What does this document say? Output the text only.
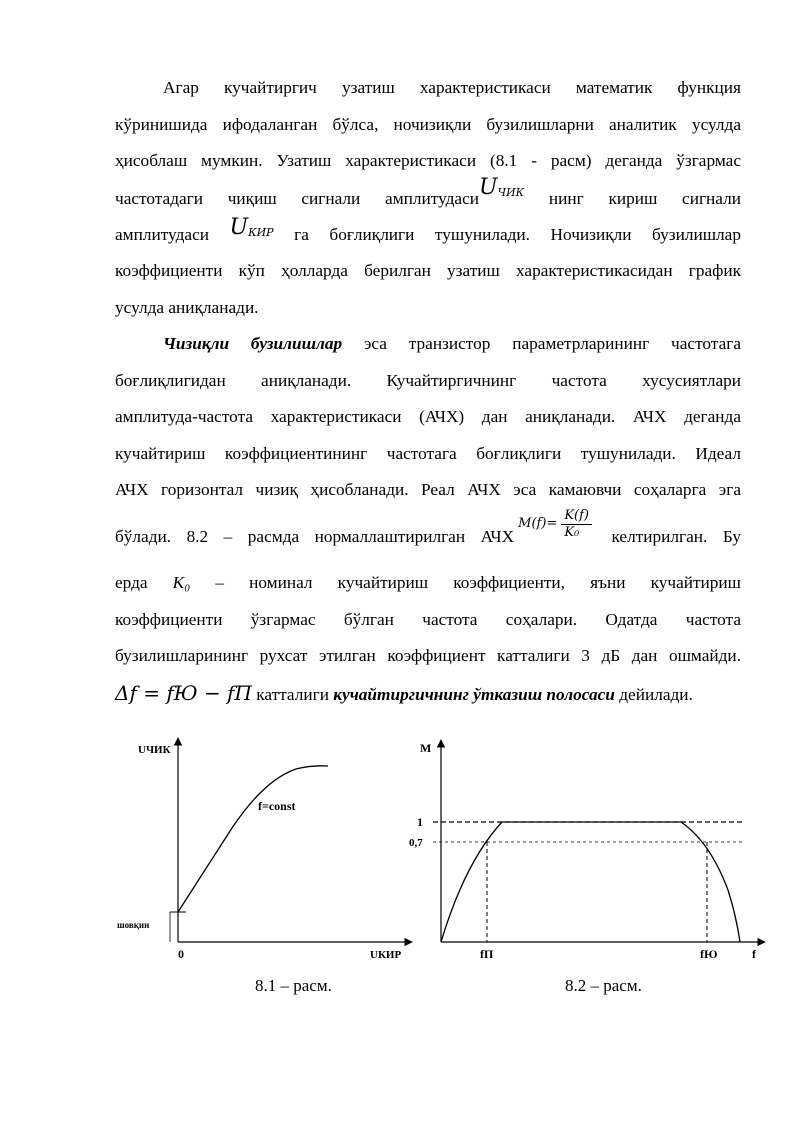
Агар кучайтиргич узатиш характеристикаси математик функция
кўринишида ифодаланган бўлса, ночизиқли бузилишларни аналитик усулда
ҳисоблаш мумкин. Узатиш характеристикаси (8.1 - расм) деганда ўзгармас
частотадаги чиқиш сигнали амплитудасиU$^{ЧИК}$ нинг кириш сигнали
амплитудаси $U^{КИР}$ га боғлиқлиги тушунилади. Ночизиқли бузилишлар
коэффициенти кўп ҳолларда берилган узатиш характеристикасидан график
усулда аниқланади.
Чизиқли бузилишлар эса транзистор параметрларининг частотага
боғлиқлигидан аниқланади. Кучайтиргичнинг частота хусусиятлари
амплитуда-частота характеристикаси (АЧХ) дан аниқланади. АЧХ деганда
кучайтириш коэффициентининг частотага боғлиқлиги тушунилади. Идеал
АЧХ горизонтал чизиқ ҳисобланади. Реал АЧХ эса камаювчи соҳаларга эга
бўлади. 8.2 – расмда нормаллаштирилган АЧХM(f)= $\frac{K(f)}{\text{K₀}}$ келтирилган. Бу
ерда K₀ – номинал кучайтириш коэффициенти, яъни кучайтириш
коэффициенти ўзгармас бўлган частота соҳалари. Одатда частота
бузилишларининг рухсат этилган коэффициент катталиги 3 дБ дан ошмайди.
Δf = fЮ − fП катталиги кучайтиргичнинг ўтказиш полосаси дейилади.
UЧИК
UКИР
0
шовқин
f=const
M
f
1
0,7
fП	fЮ
8.1 – расм.	8.2 – расм.
